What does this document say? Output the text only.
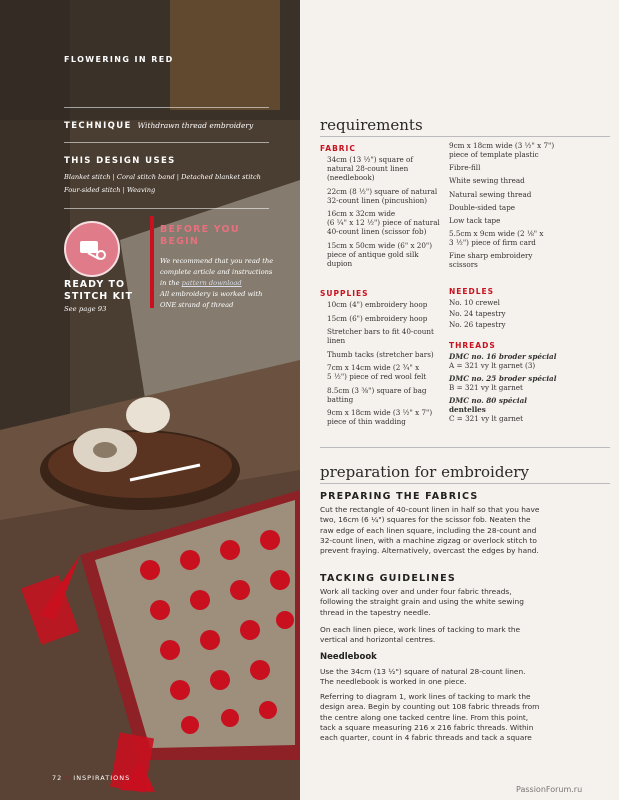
FLOWERING IN RED
TECHNIQUE Withdrawn thread embroidery
THIS DESIGN USES
Blanket stitch | Coral stitch band | Detached blanket stitch
Four-sided stitch | Weaving
READY TO
STITCH KIT
See page 93
BEFORE YOU
BEGIN
We recommend that you read the
complete article and instructions
in the pattern download
All embroidery is worked with
ONE strand of thread
72 • INSPIRATIONS
requirements
FABRIC
34cm (13 ½") square of
natural 28-count linen
(needlebook)
22cm (8 ½") square of natural
32-count linen (pincushion)
16cm x 32cm wide
(6 ¼" x 12 ½") piece of natural
40-count linen (scissor fob)
15cm x 50cm wide (6" x 20")
piece of antique gold silk
dupion
SUPPLIES
10cm (4") embroidery hoop
15cm (6") embroidery hoop
Stretcher bars to fit 40-count
linen
Thumb tacks (stretcher bars)
7cm x 14cm wide (2 ¾" x
5 ½") piece of red wool felt
8.5cm (3 ⅜") square of bag
batting
9cm x 18cm wide (3 ½" x 7")
piece of thin wadding
9cm x 18cm wide (3 ½" x 7")
piece of template plastic
Fibre-fill
White sewing thread
Natural sewing thread
Double-sided tape
Low tack tape
5.5cm x 9cm wide (2 ⅛" x
3 ½") piece of firm card
Fine sharp embroidery
scissors
NEEDLES
No. 10 crewel
No. 24 tapestry
No. 26 tapestry
THREADS
DMC no. 16 broder spécial
A = 321 vy lt garnet (3)
DMC no. 25 broder spécial
B = 321 vy lt garnet
DMC no. 80 spécial
dentelles
C = 321 vy lt garnet
preparation for embroidery
PREPARING THE FABRICS
Cut the rectangle of 40-count linen in half so that you have
two, 16cm (6 ¼") squares for the scissor fob. Neaten the
raw edge of each linen square, including the 28-count and
32-count linen, with a machine zigzag or overlock stitch to
prevent fraying. Alternatively, overcast the edges by hand.
TACKING GUIDELINES
Work all tacking over and under four fabric threads,
following the straight grain and using the white sewing
thread in the tapestry needle.
On each linen piece, work lines of tacking to mark the
vertical and horizontal centres.
Needlebook
Use the 34cm (13 ½") square of natural 28-count linen.
The needlebook is worked in one piece.
Referring to diagram 1, work lines of tacking to mark the
design area. Begin by counting out 108 fabric threads from
the centre along one tacked centre line. From this point,
tack a square measuring 216 x 216 fabric threads. Within
each quarter, count in 4 fabric threads and tack a square
PassionForum.ru
